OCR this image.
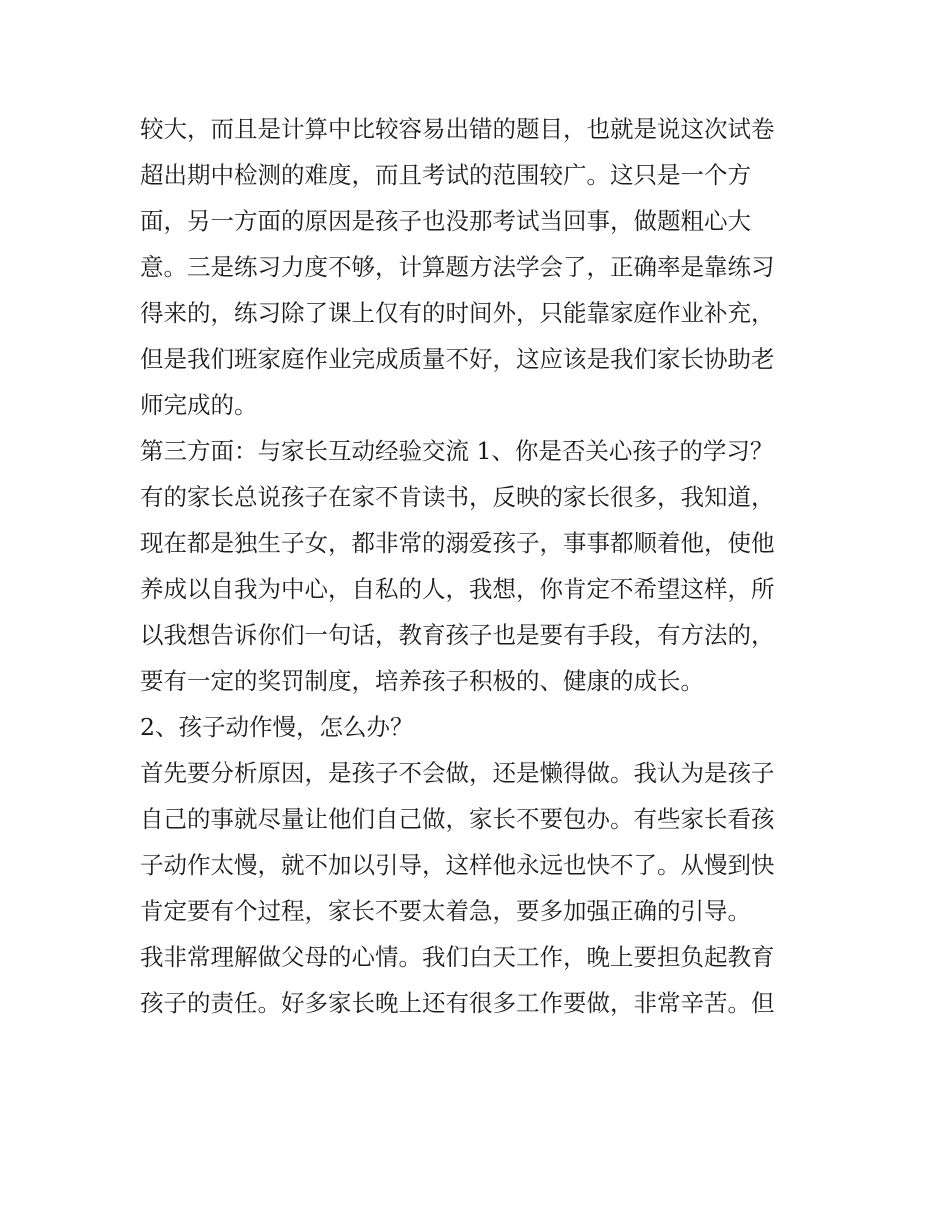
较大，而且是计算中比较容易出错的题目，也就是说这次试卷
超出期中检测的难度，而且考试的范围较广。这只是一个方
面，另一方面的原因是孩子也没那考试当回事，做题粗心大
意。三是练习力度不够，计算题方法学会了，正确率是靠练习
得来的，练习除了课上仅有的时间外，只能靠家庭作业补充，
但是我们班家庭作业完成质量不好，这应该是我们家长协助老
师完成的。
第三方面：与家长互动经验交流 1、你是否关心孩子的学习？
有的家长总说孩子在家不肯读书，反映的家长很多，我知道，
现在都是独生子女，都非常的溺爱孩子，事事都顺着他，使他
养成以自我为中心，自私的人，我想，你肯定不希望这样，所
以我想告诉你们一句话，教育孩子也是要有手段，有方法的，
要有一定的奖罚制度，培养孩子积极的、健康的成长。
2、孩子动作慢，怎么办？
首先要分析原因，是孩子不会做，还是懒得做。我认为是孩子
自己的事就尽量让他们自己做，家长不要包办。有些家长看孩
子动作太慢，就不加以引导，这样他永远也快不了。从慢到快
肯定要有个过程，家长不要太着急，要多加强正确的引导。
我非常理解做父母的心情。我们白天工作，晚上要担负起教育
孩子的责任。好多家长晚上还有很多工作要做，非常辛苦。但
